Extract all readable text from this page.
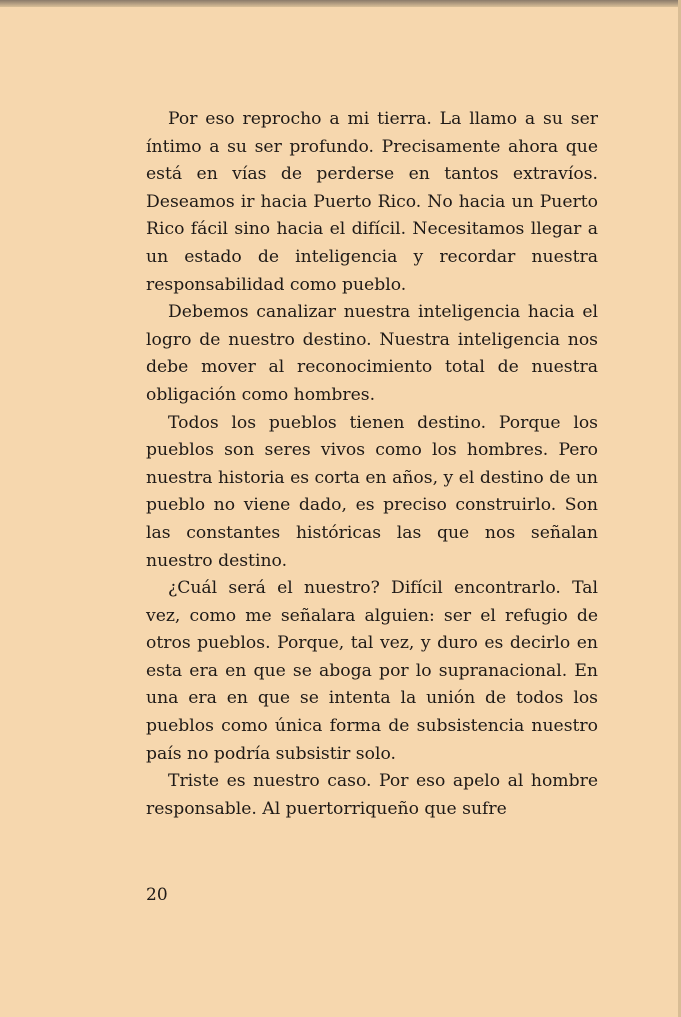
Por eso reprocho a mi tierra. La llamo a su ser íntimo a su ser profundo. Precisamente ahora que está en vías de perderse en tantos extravíos. Deseamos ir hacia Puerto Rico. No hacia un Puerto Rico fácil sino hacia el difícil. Necesitamos llegar a un estado de inteligencia y recordar nuestra responsabilidad como pueblo.

Debemos canalizar nuestra inteligencia hacia el logro de nuestro destino. Nuestra inteligencia nos debe mover al reconocimiento total de nuestra obligación como hombres.

Todos los pueblos tienen destino. Porque los pueblos son seres vivos como los hombres. Pero nuestra historia es corta en años, y el destino de un pueblo no viene dado, es preciso construirlo. Son las constantes históricas las que nos señalan nuestro destino.

¿Cuál será el nuestro? Difícil encontrarlo. Tal vez, como me señalara alguien: ser el refugio de otros pueblos. Porque, tal vez, y duro es decirlo en esta era en que se aboga por lo supranacional. En una era en que se intenta la unión de todos los pueblos como única forma de subsistencia nuestro país no podría subsistir solo.

Triste es nuestro caso. Por eso apelo al hombre responsable. Al puertorriqueño que sufre

20
